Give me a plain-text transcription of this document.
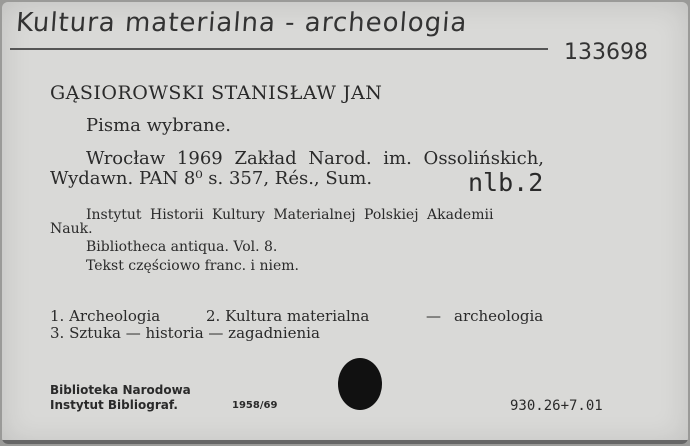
Kultura materialna - archeologia
133698
GĄSIOROWSKI STANISŁAW JAN
Pisma wybrane.
Wrocław 1969 Zakład Narod. im. Ossolińskich,
Wydawn. PAN 8⁰ s. 357, Rés., Sum.	nlb.2
Instytut Historii Kultury Materialnej Polskiej Akademii
Nauk.
Bibliotheca antiqua. Vol. 8.
Tekst częściowo franc. i niem.
1. Archeologia	2. Kultura materialna	— archeologia
3. Sztuka — historia — zagadnienia
Biblioteka Narodowa
Instytut Bibliograf.	1958/69	930.26+7.01
